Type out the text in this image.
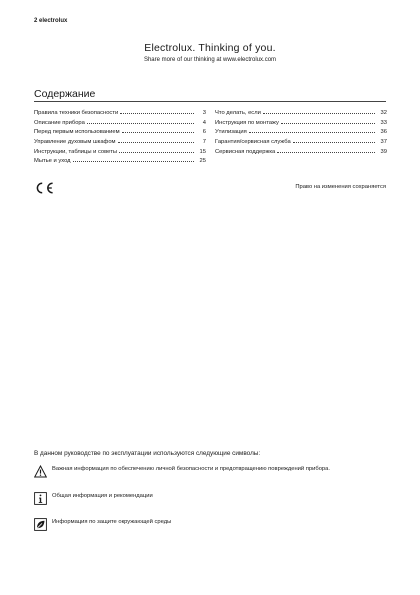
2 electrolux
Electrolux. Thinking of you.
Share more of our thinking at www.electrolux.com
Содержание
Правила техники безопасности	3
Описание прибора	4
Перед первым использованием	6
Управление духовым шкафом	7
Инструкции, таблицы и советы	15
Мытье и уход	25
Что делать, если	32
Инструкция по монтажу	33
Утилизация	36
Гарантия/сервисная служба	37
Сервисная поддержка	39
Право на изменения сохраняется
В данном руководстве по эксплуатации используются следующие символы:
Важная информация по обеспечению личной безопасности и предотвращению повреждений прибора.
Общая информация и рекомендации
Информация по защите окружающей среды
